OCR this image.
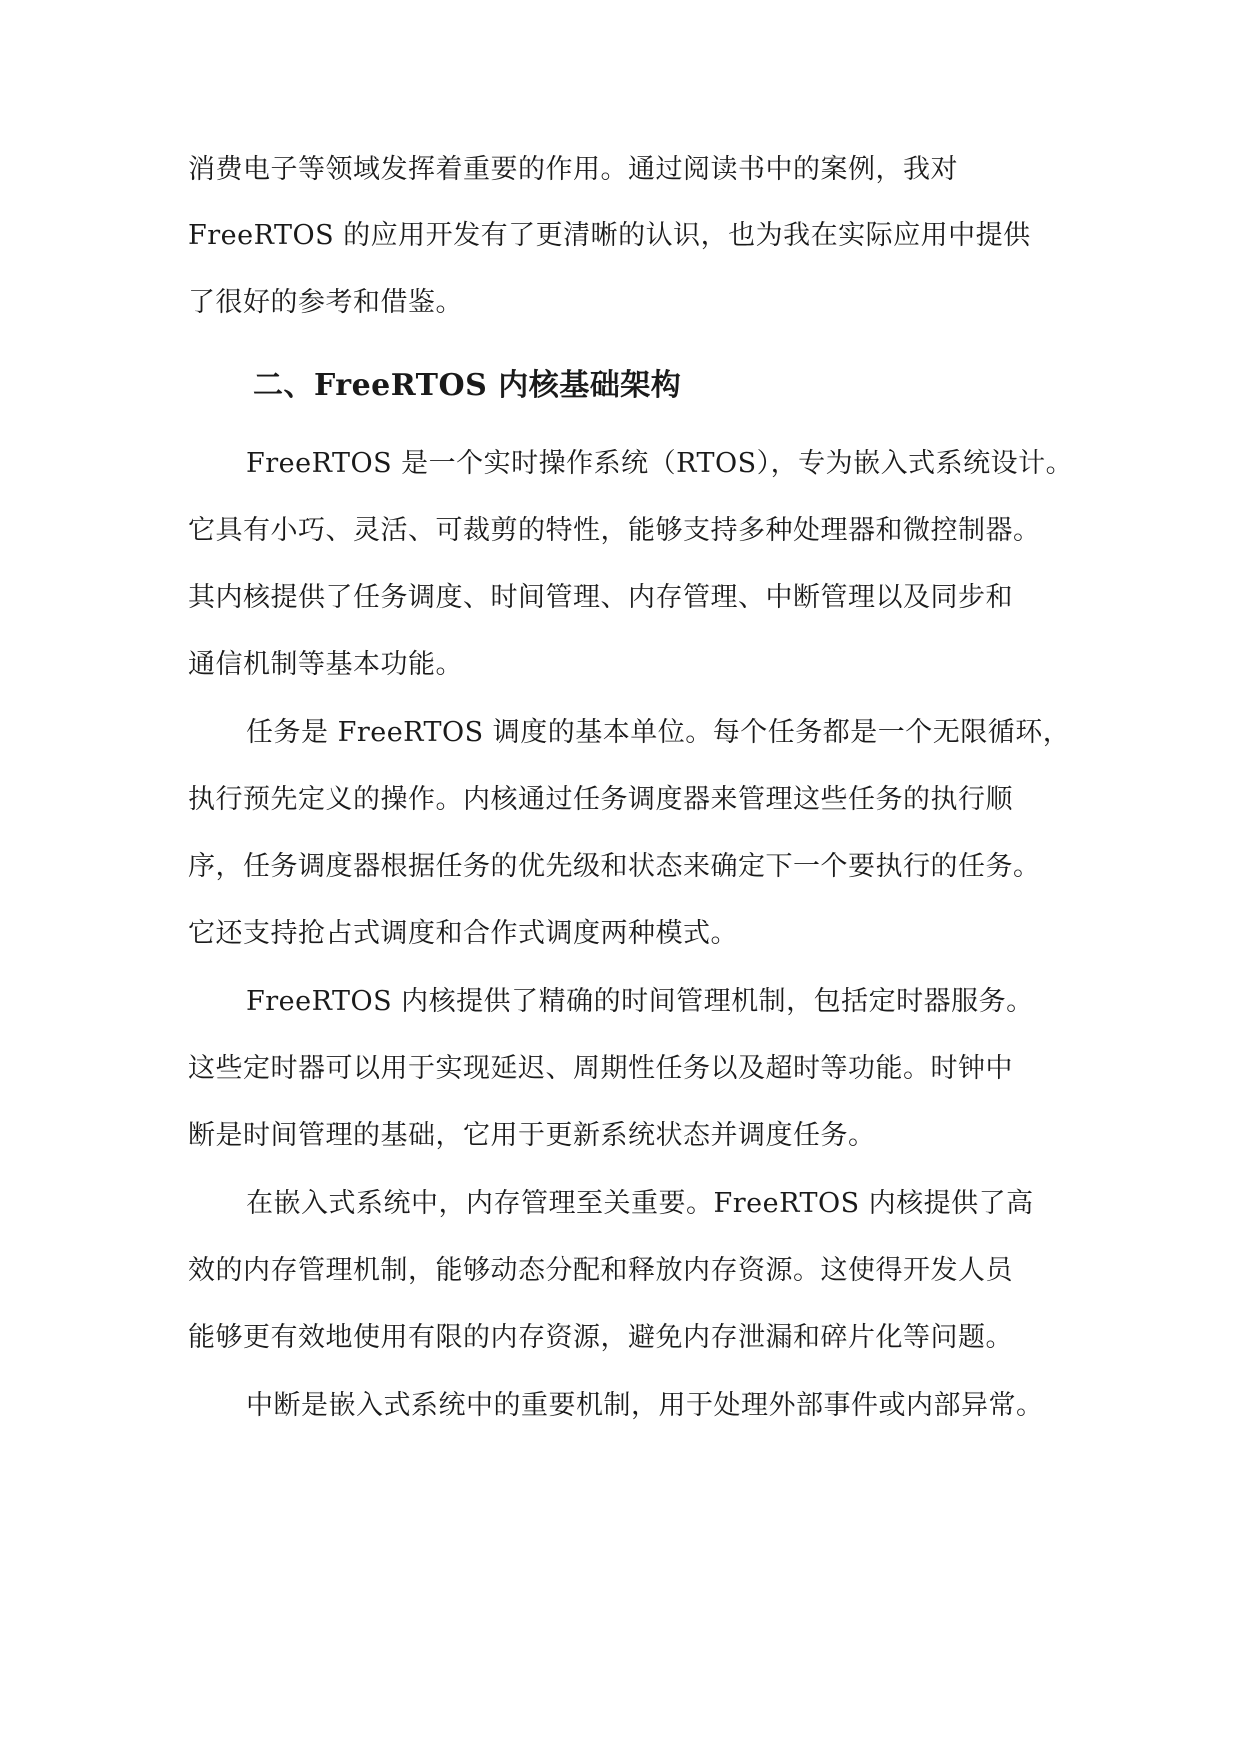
消费电子等领域发挥着重要的作用。通过阅读书中的案例，我对
FreeRTOS 的应用开发有了更清晰的认识，也为我在实际应用中提供
了很好的参考和借鉴。
二、FreeRTOS 内核基础架构
FreeRTOS 是一个实时操作系统（RTOS），专为嵌入式系统设计。
它具有小巧、灵活、可裁剪的特性，能够支持多种处理器和微控制器。
其内核提供了任务调度、时间管理、内存管理、中断管理以及同步和
通信机制等基本功能。
任务是 FreeRTOS 调度的基本单位。每个任务都是一个无限循环，
执行预先定义的操作。内核通过任务调度器来管理这些任务的执行顺
序，任务调度器根据任务的优先级和状态来确定下一个要执行的任务。
它还支持抢占式调度和合作式调度两种模式。
FreeRTOS 内核提供了精确的时间管理机制，包括定时器服务。
这些定时器可以用于实现延迟、周期性任务以及超时等功能。时钟中
断是时间管理的基础，它用于更新系统状态并调度任务。
在嵌入式系统中，内存管理至关重要。FreeRTOS 内核提供了高
效的内存管理机制，能够动态分配和释放内存资源。这使得开发人员
能够更有效地使用有限的内存资源，避免内存泄漏和碎片化等问题。
中断是嵌入式系统中的重要机制，用于处理外部事件或内部异常。
